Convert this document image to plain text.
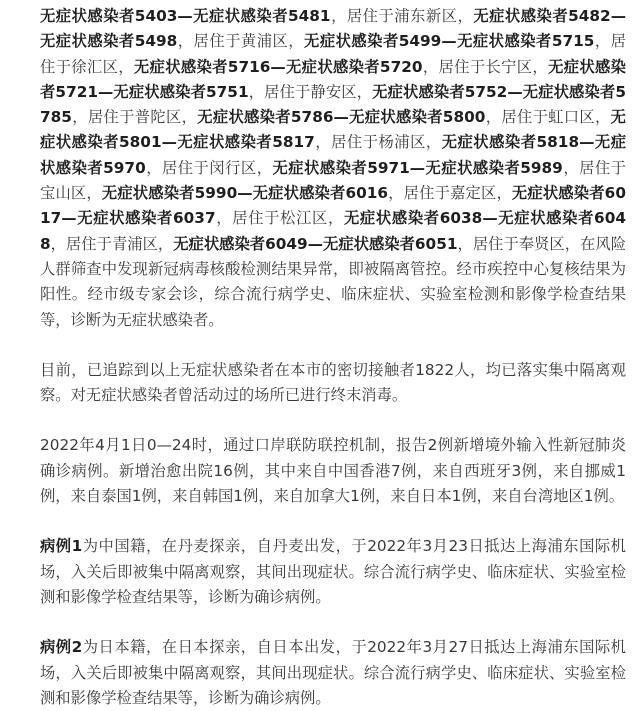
无症状感染者5403—无症状感染者5481，居住于浦东新区，无症状感染者5482—无症状感染者5498，居住于黄浦区，无症状感染者5499—无症状感染者5715，居住于徐汇区，无症状感染者5716—无症状感染者5720，居住于长宁区，无症状感染者5721—无症状感染者5751，居住于静安区，无症状感染者5752—无症状感染者5785，居住于普陀区，无症状感染者5786—无症状感染者5800，居住于虹口区，无症状感染者5801—无症状感染者5817，居住于杨浦区，无症状感染者5818—无症状感染者5970，居住于闵行区，无症状感染者5971—无症状感染者5989，居住于宝山区，无症状感染者5990—无症状感染者6016，居住于嘉定区，无症状感染者6017—无症状感染者6037，居住于松江区，无症状感染者6038—无症状感染者6048，居住于青浦区，无症状感染者6049—无症状感染者6051，居住于奉贤区，在风险人群筛查中发现新冠病毒核酸检测结果异常，即被隔离管控。经市疾控中心复核结果为阳性。经市级专家会诊，综合流行病学史、临床症状、实验室检测和影像学检查结果等，诊断为无症状感染者。

目前，已追踪到以上无症状感染者在本市的密切接触者1822人，均已落实集中隔离观察。对无症状感染者曾活动过的场所已进行终末消毒。

2022年4月1日0—24时，通过口岸联防联控机制，报告2例新增境外输入性新冠肺炎确诊病例。新增治愈出院16例，其中来自中国香港7例，来自西班牙3例，来自挪威1例，来自泰国1例，来自韩国1例，来自加拿大1例，来自日本1例，来自台湾地区1例。

病例1为中国籍，在丹麦探亲，自丹麦出发，于2022年3月23日抵达上海浦东国际机场，入关后即被集中隔离观察，其间出现症状。综合流行病学史、临床症状、实验室检测和影像学检查结果等，诊断为确诊病例。

病例2为日本籍，在日本探亲，自日本出发，于2022年3月27日抵达上海浦东国际机场，入关后即被集中隔离观察，其间出现症状。综合流行病学史、临床症状、实验室检测和影像学检查结果等，诊断为确诊病例。
